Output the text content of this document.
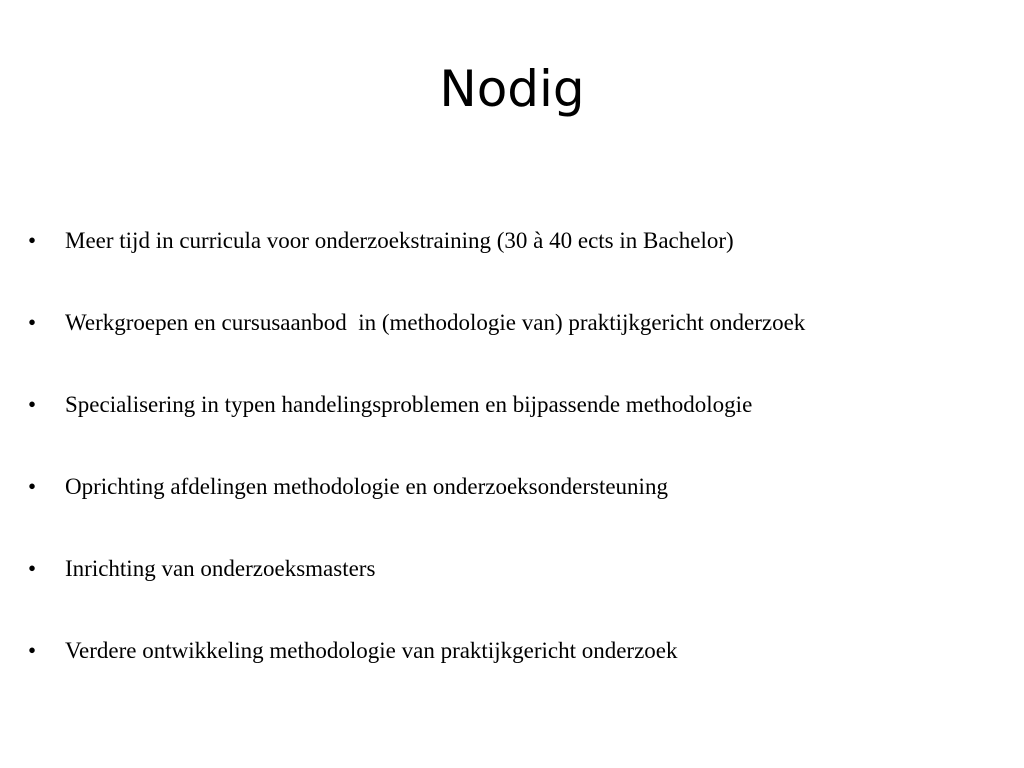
Nodig
•	Meer tijd in curricula voor onderzoekstraining (30 à 40 ects in Bachelor)
•	Werkgroepen en cursusaanbod  in (methodologie van) praktijkgericht onderzoek
•	Specialisering in typen handelingsproblemen en bijpassende methodologie
•	Oprichting afdelingen methodologie en onderzoeksondersteuning
•	Inrichting van onderzoeksmasters
•	Verdere ontwikkeling methodologie van praktijkgericht onderzoek
